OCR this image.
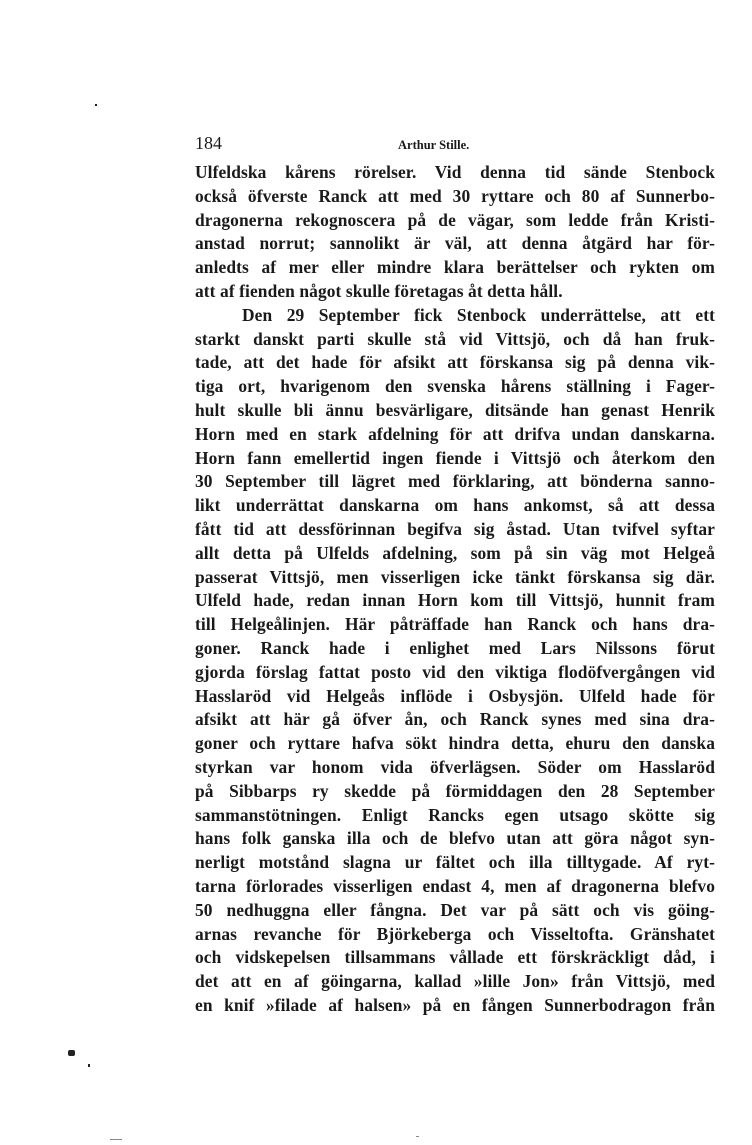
184	Arthur Stille.
Ulfeldska kårens rörelser. Vid denna tid sände Stenbock
också öfverste Ranck att med 30 ryttare och 80 af Sunnerbo-
dragonerna rekognoscera på de vägar, som ledde från Kristi-
anstad norrut; sannolikt är väl, att denna åtgärd har för-
anledts af mer eller mindre klara berättelser och rykten om
att af fienden något skulle företagas åt detta håll.
Den 29 September fick Stenbock underrättelse, att ett
starkt danskt parti skulle stå vid Vittsjö, och då han fruk-
tade, att det hade för afsikt att förskansa sig på denna vik-
tiga ort, hvarigenom den svenska hårens ställning i Fager-
hult skulle bli ännu besvärligare, ditsände han genast Henrik
Horn med en stark afdelning för att drifva undan danskarna.
Horn fann emellertid ingen fiende i Vittsjö och återkom den
30 September till lägret med förklaring, att bönderna sanno-
likt underrättat danskarna om hans ankomst, så att dessa
fått tid att dessförinnan begifva sig åstad. Utan tvifvel syftar
allt detta på Ulfelds afdelning, som på sin väg mot Helgeå
passerat Vittsjö, men visserligen icke tänkt förskansa sig där.
Ulfeld hade, redan innan Horn kom till Vittsjö, hunnit fram
till Helgeålinjen. Här påträffade han Ranck och hans dra-
goner. Ranck hade i enlighet med Lars Nilssons förut
gjorda förslag fattat posto vid den viktiga flodöfvergången vid
Hasslaröd vid Helgeås inflöde i Osbysjön. Ulfeld hade för
afsikt att här gå öfver ån, och Ranck synes med sina dra-
goner och ryttare hafva sökt hindra detta, ehuru den danska
styrkan var honom vida öfverlägsen. Söder om Hasslaröd
på Sibbarps ry skedde på förmiddagen den 28 September
sammanstötningen. Enligt Rancks egen utsago skötte sig
hans folk ganska illa och de blefvo utan att göra något syn-
nerligt motstånd slagna ur fältet och illa tilltygade. Af ryt-
tarna förlorades visserligen endast 4, men af dragonerna blefvo
50 nedhuggna eller fångna. Det var på sätt och vis göing-
arnas revanche för Björkeberga och Visseltofta. Gränshatet
och vidskepelsen tillsammans vållade ett förskräckligt dåd, i
det att en af göingarna, kallad »lille Jon» från Vittsjö, med
en knif »filade af halsen» på en fången Sunnerbodragon från
